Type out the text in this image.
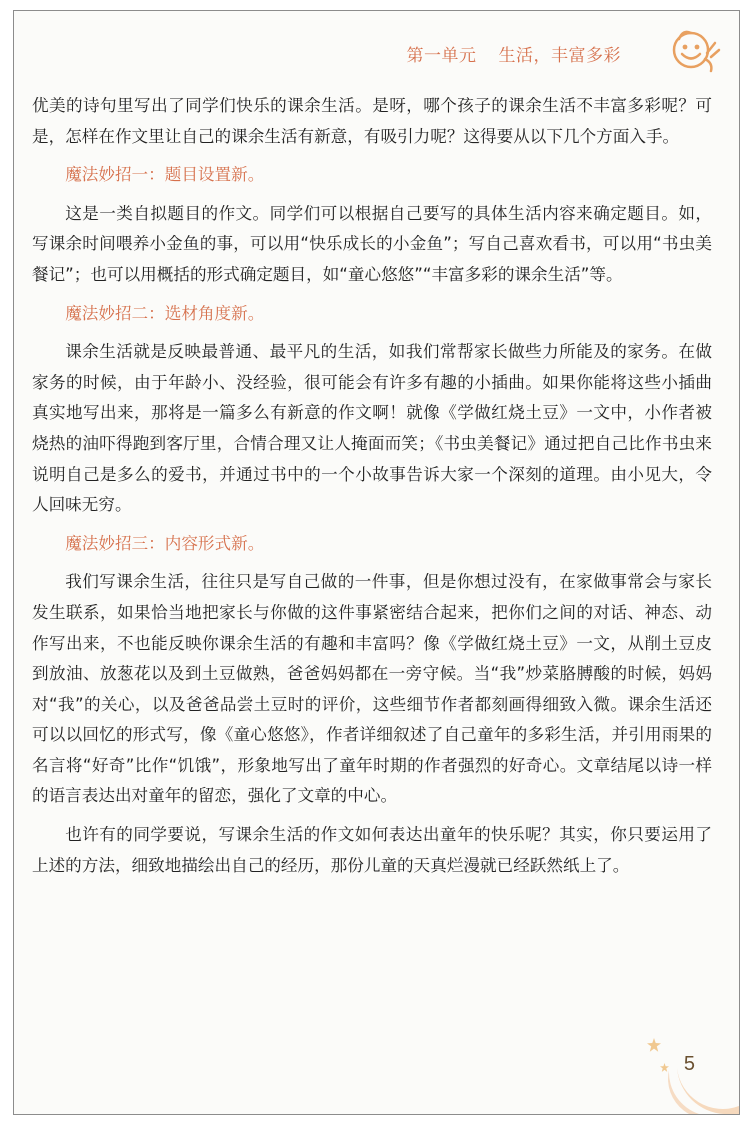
第一单元 生活，丰富多彩

优美的诗句里写出了同学们快乐的课余生活。是呀，哪个孩子的课余生活不丰富多彩呢？可是，怎样在作文里让自己的课余生活有新意，有吸引力呢？这得要从以下几个方面入手。

魔法妙招一：题目设置新。

这是一类自拟题目的作文。同学们可以根据自己要写的具体生活内容来确定题目。如，写课余时间喂养小金鱼的事，可以用“快乐成长的小金鱼”；写自己喜欢看书，可以用“书虫美餐记”；也可以用概括的形式确定题目，如“童心悠悠”“丰富多彩的课余生活”等。

魔法妙招二：选材角度新。

课余生活就是反映最普通、最平凡的生活，如我们常帮家长做些力所能及的家务。在做家务的时候，由于年龄小、没经验，很可能会有许多有趣的小插曲。如果你能将这些小插曲真实地写出来，那将是一篇多么有新意的作文啊！就像《学做红烧土豆》一文中，小作者被烧热的油吓得跑到客厅里，合情合理又让人掩面而笑；《书虫美餐记》通过把自己比作书虫来说明自己是多么的爱书，并通过书中的一个小故事告诉大家一个深刻的道理。由小见大，令人回味无穷。

魔法妙招三：内容形式新。

我们写课余生活，往往只是写自己做的一件事，但是你想过没有，在家做事常会与家长发生联系，如果恰当地把家长与你做的这件事紧密结合起来，把你们之间的对话、神态、动作写出来，不也能反映你课余生活的有趣和丰富吗？像《学做红烧土豆》一文，从削土豆皮到放油、放葱花以及到土豆做熟，爸爸妈妈都在一旁守候。当“我”炒菜胳膊酸的时候，妈妈对“我”的关心，以及爸爸品尝土豆时的评价，这些细节作者都刻画得细致入微。课余生活还可以以回忆的形式写，像《童心悠悠》，作者详细叙述了自己童年的多彩生活，并引用雨果的名言将“好奇”比作“饥饿”，形象地写出了童年时期的作者强烈的好奇心。文章结尾以诗一样的语言表达出对童年的留恋，强化了文章的中心。

也许有的同学要说，写课余生活的作文如何表达出童年的快乐呢？其实，你只要运用了上述的方法，细致地描绘出自己的经历，那份儿童的天真烂漫就已经跃然纸上了。

5
